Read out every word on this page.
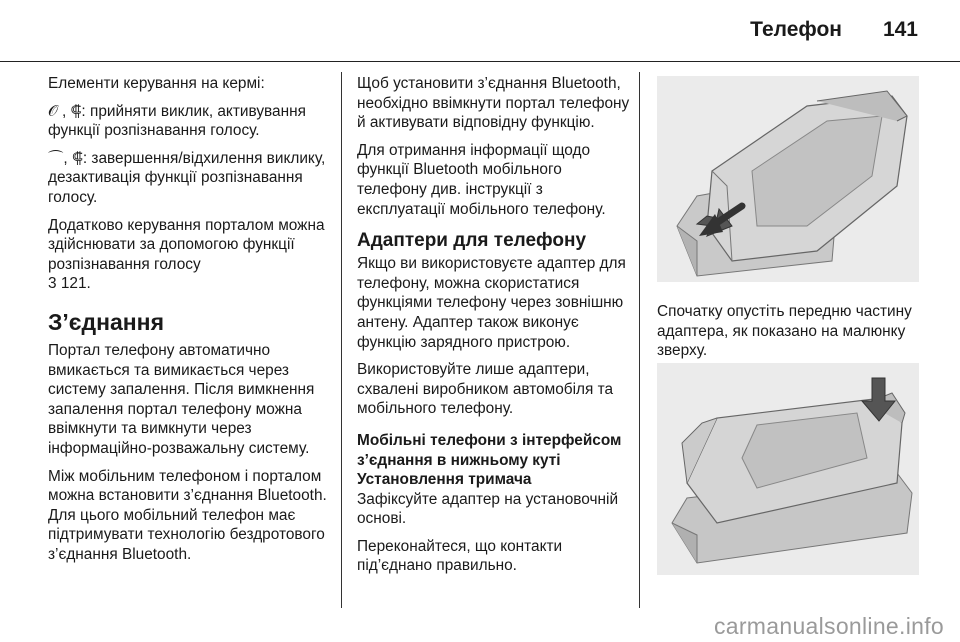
Телефон 141

Елементи керування на кермі:

𝒪 , ⸿: прийняти виклик, активування функції розпізнавання голосу.

⌒, ⸿: завершення/відхилення виклику, дезактивація функції розпізнавання голосу.

Додатково керування порталом можна здійснювати за допомогою функції розпізнавання голосу
3 121.

З’єднання

Портал телефону автоматично вмикається та вимикається через систему запалення. Після вимкнення запалення портал телефону можна ввімкнути та вимкнути через інформаційно-розважальну систему.

Між мобільним телефоном і порталом можна встановити з’єднання Bluetooth. Для цього мобільний телефон має підтримувати технологію бездротового з’єднання Bluetooth.

Щоб установити з’єднання Bluetooth, необхідно ввімкнути портал телефону й активувати відповідну функцію.

Для отримання інформації щодо функції Bluetooth мобільного телефону див. інструкції з експлуатації мобільного телефону.

Адаптери для телефону

Якщо ви використовуєте адаптер для телефону, можна скористатися функціями телефону через зовнішню антену. Адаптер також виконує функцію зарядного пристрою.

Використовуйте лише адаптери, схвалені виробником автомобіля та мобільного телефону.

Мобільні телефони з інтерфейсом з’єднання в нижньому куті
Установлення тримача

Зафіксуйте адаптер на установочній основі.

Переконайтеся, що контакти під’єднано правильно.

Спочатку опустіть передню частину адаптера, як показано на малюнку зверху.

carmanualsonline.info
